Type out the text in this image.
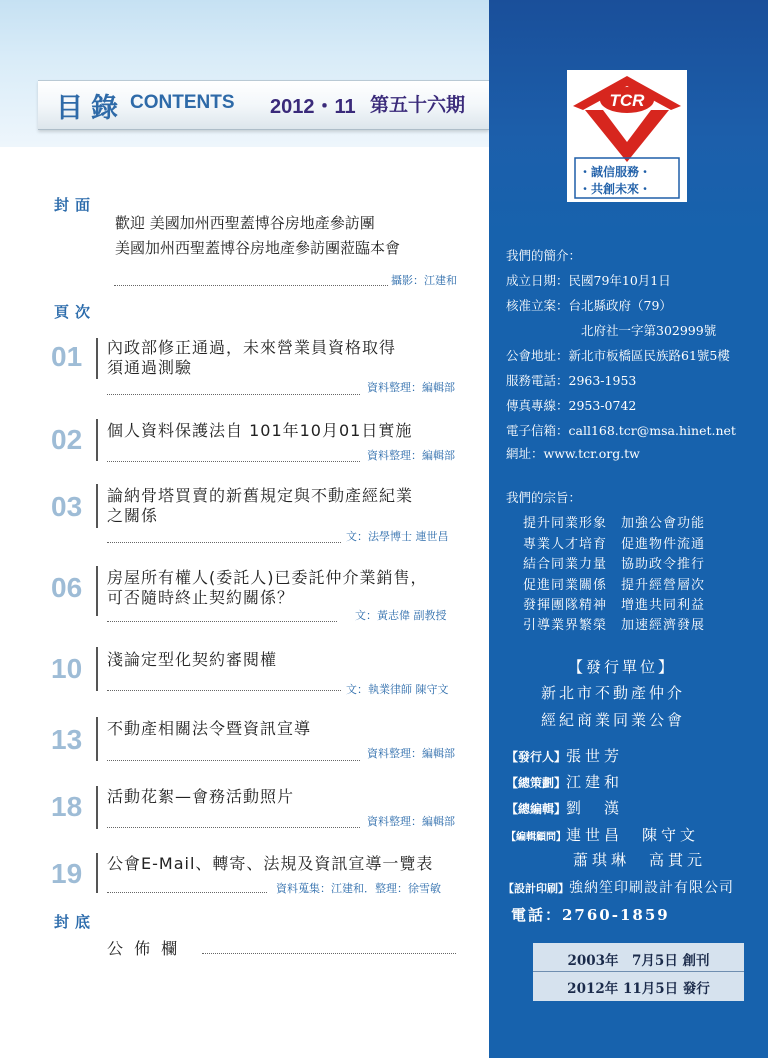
目錄 CONTENTS 2012・11 第五十六期
封面
歡迎 美國加州西聖蓋博谷房地產參訪團
美國加州西聖蓋博谷房地產參訪團蒞臨本會
攝影：江建和
頁次
01 內政部修正通過，未來營業員資格取得
須通過測驗
資料整理：編輯部
02 個人資料保護法自 101年10月01日實施
資料整理：編輯部
03 論納骨塔買賣的新舊規定與不動產經紀業
之關係
文：法學博士 連世昌
06 房屋所有權人(委託人)已委託仲介業銷售，
可否隨時終止契約關係？
文：黃志偉 副教授
10 淺論定型化契約審閱權
文：執業律師 陳守文
13 不動產相關法令暨資訊宣導
資料整理：編輯部
18 活動花絮—會務活動照片
資料整理：編輯部
19 公會E-Mail、轉寄、法規及資訊宣導一覽表
資料蒐集：江建和．整理：徐雪敏
封底
公 佈 欄
TCR
・誠信服務・
・共創未來・
我們的簡介：
成立日期：民國79年10月1日
核准立案：台北縣政府（79）
北府社一字第302999號
公會地址：新北市板橋區民族路61號5樓
服務電話：2963-1953
傳真專線：2953-0742
電子信箱：call168.tcr@msa.hinet.net
網址：www.tcr.org.tw
我們的宗旨：
提升同業形象　加強公會功能
專業人才培育　促進物件流通
結合同業力量　協助政令推行
促進同業關係　提升經營層次
發揮團隊精神　增進共同利益
引導業界繁榮　加速經濟發展
【發行單位】
新北市不動產仲介
經紀商業同業公會
【發行人】張世芳
【總策劃】江建和
【總編輯】劉　漢
【編輯顧問】連世昌　陳守文
蕭琪琳　高貫元
【設計印刷】強納笙印刷設計有限公司
電話：2760-1859
2003年　7月5日 創刊
2012年 11月5日 發行
